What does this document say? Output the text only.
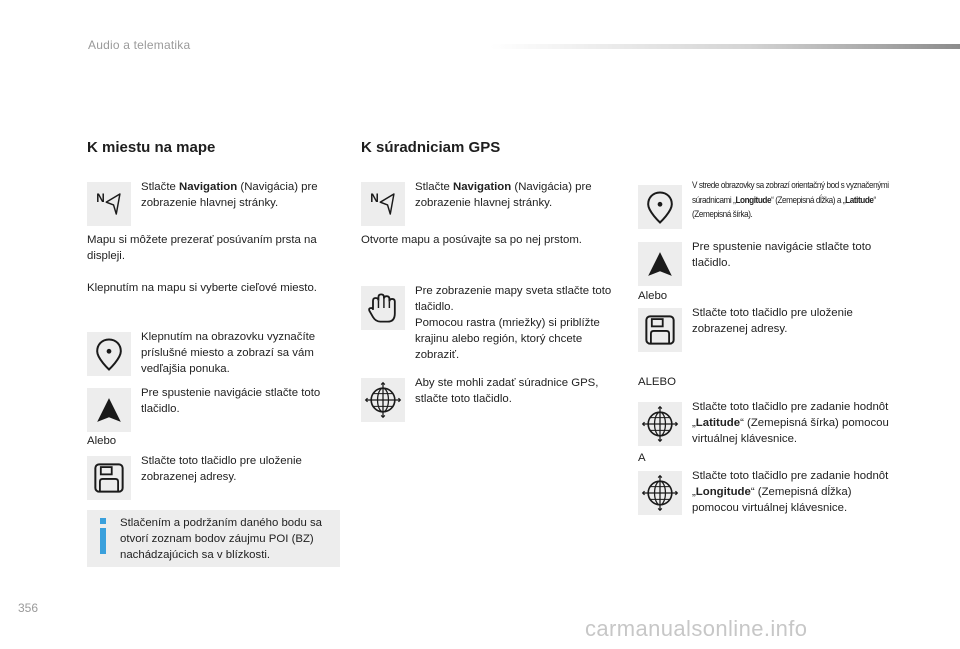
Audio a telematika
K miestu na mape
Stlačte Navigation (Navigácia) pre zobrazenie hlavnej stránky.
Mapu si môžete prezerať posúvaním prsta na displeji.
Klepnutím na mapu si vyberte cieľové miesto.
Klepnutím na obrazovku vyznačíte príslušné miesto a zobrazí sa vám vedľajšia ponuka.
Pre spustenie navigácie stlačte toto tlačidlo.
Alebo
Stlačte toto tlačidlo pre uloženie zobrazenej adresy.
Stlačením a podržaním daného bodu sa otvorí zoznam bodov záujmu POI (BZ) nachádzajúcich sa v blízkosti.
K súradniciam GPS
Stlačte Navigation (Navigácia) pre zobrazenie hlavnej stránky.
Otvorte mapu a posúvajte sa po nej prstom.
Pre zobrazenie mapy sveta stlačte toto tlačidlo.
Pomocou rastra (mriežky) si priblížte krajinu alebo región, ktorý chcete zobraziť.
Aby ste mohli zadať súradnice GPS, stlačte toto tlačidlo.
V strede obrazovky sa zobrazí orientačný bod s vyznačenými súradnicami „Longitude“ (Zemepisná dĺžka) a „Latitude“ (Zemepisná šírka).
Pre spustenie navigácie stlačte toto tlačidlo.
Alebo
Stlačte toto tlačidlo pre uloženie zobrazenej adresy.
ALEBO
Stlačte toto tlačidlo pre zadanie hodnôt „Latitude“ (Zemepisná šírka) pomocou virtuálnej klávesnice.
A
Stlačte toto tlačidlo pre zadanie hodnôt „Longitude“ (Zemepisná dĺžka) pomocou virtuálnej klávesnice.
356
carmanualsonline.info
